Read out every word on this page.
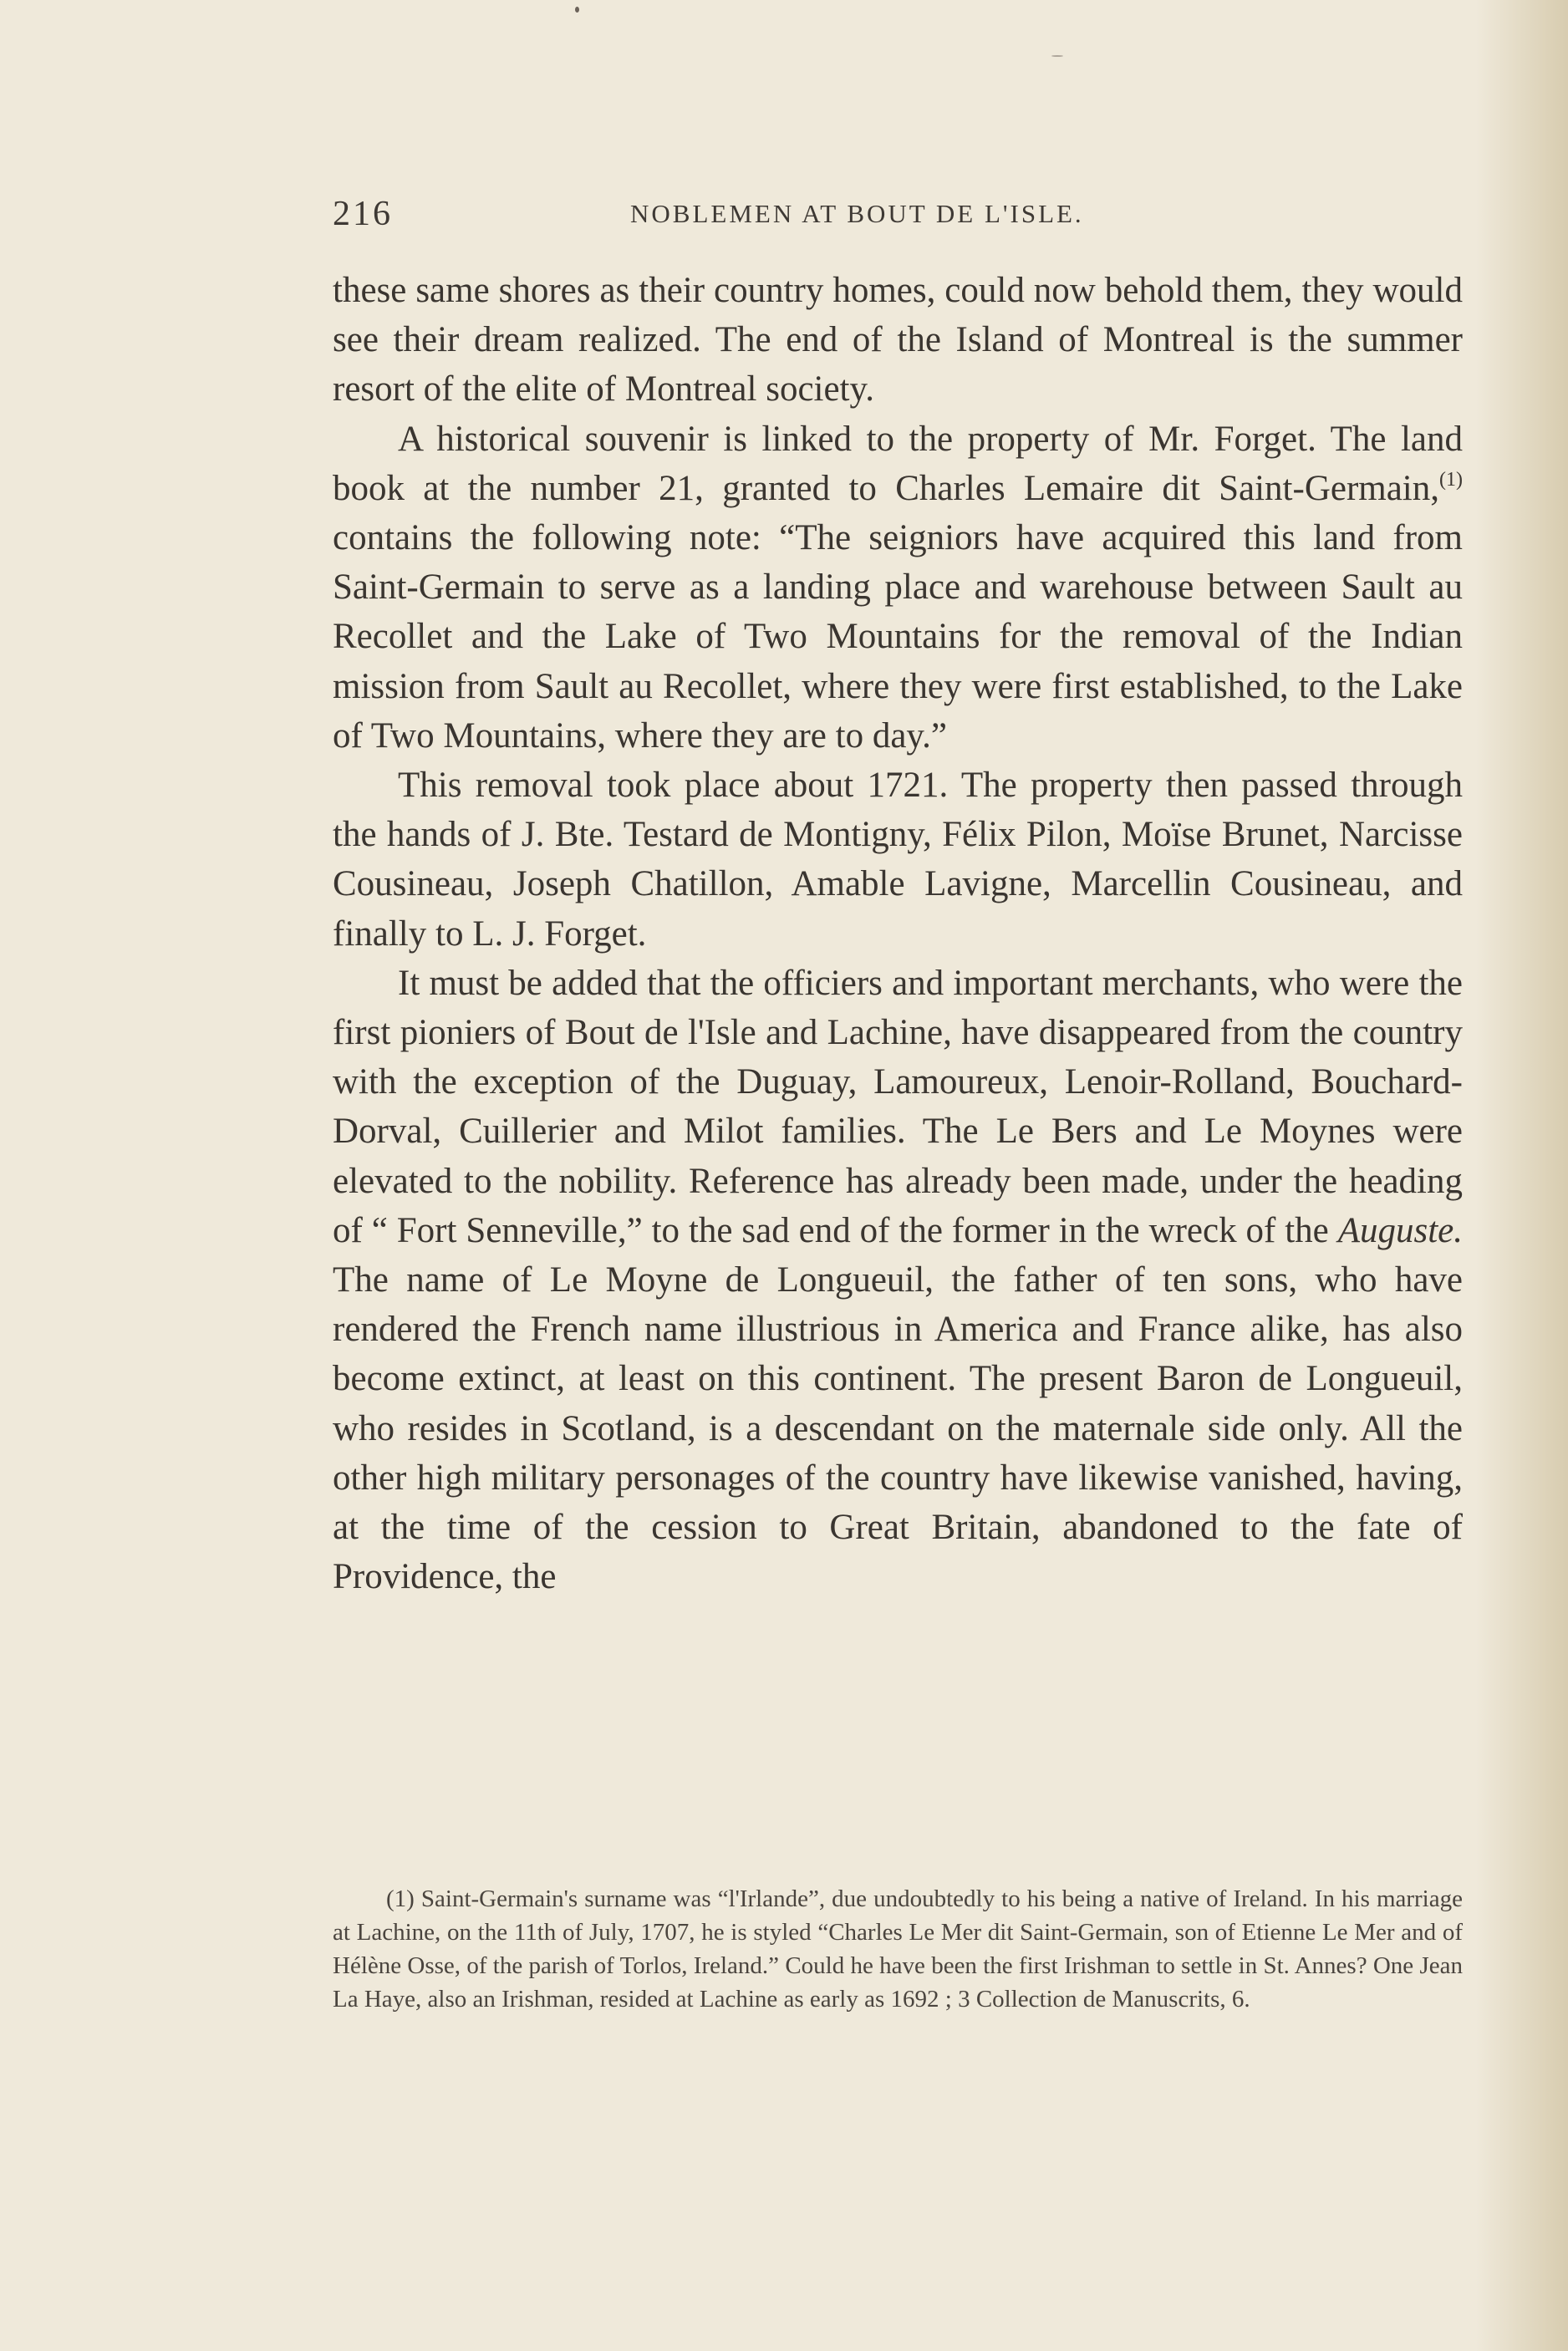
216	NOBLEMEN AT BOUT DE L'ISLE.

these same shores as their country homes, could now behold them, they would see their dream realized. The end of the Island of Montreal is the summer resort of the elite of Montreal society.

A historical souvenir is linked to the property of Mr. Forget. The land book at the number 21, granted to Charles Lemaire dit Saint-Germain,$^{(1)}$ contains the following note: “The seigniors have acquired this land from Saint-Germain to serve as a landing place and warehouse between Sault au Recollet and the Lake of Two Mountains for the removal of the Indian mission from Sault au Recollet, where they were first established, to the Lake of Two Mountains, where they are to day.”

This removal took place about 1721. The property then passed through the hands of J. Bte. Testard de Montigny, Félix Pilon, Moïse Brunet, Narcisse Cousineau, Joseph Chatillon, Amable Lavigne, Marcellin Cousineau, and finally to L. J. Forget.

It must be added that the officiers and important merchants, who were the first pioniers of Bout de l'Isle and Lachine, have disappeared from the country with the exception of the Duguay, Lamoureux, Lenoir-Rolland, Bouchard-Dorval, Cuillerier and Milot families. The Le Bers and Le Moynes were elevated to the nobility. Reference has already been made, under the heading of “ Fort Senneville,” to the sad end of the former in the wreck of the Auguste. The name of Le Moyne de Longueuil, the father of ten sons, who have rendered the French name illustrious in America and France alike, has also become extinct, at least on this continent. The present Baron de Longueuil, who resides in Scotland, is a descendant on the maternale side only. All the other high military personages of the country have likewise vanished, having, at the time of the cession to Great Britain, abandoned to the fate of Providence, the

(1) Saint-Germain's surname was “l'Irlande”, due undoubtedly to his being a native of Ireland. In his marriage at Lachine, on the 11th of July, 1707, he is styled “Charles Le Mer dit Saint-Germain, son of Etienne Le Mer and of Hélène Osse, of the parish of Torlos, Ireland.” Could he have been the first Irishman to settle in St. Annes? One Jean La Haye, also an Irishman, resided at Lachine as early as 1692 ; 3 Collection de Manuscrits, 6.
